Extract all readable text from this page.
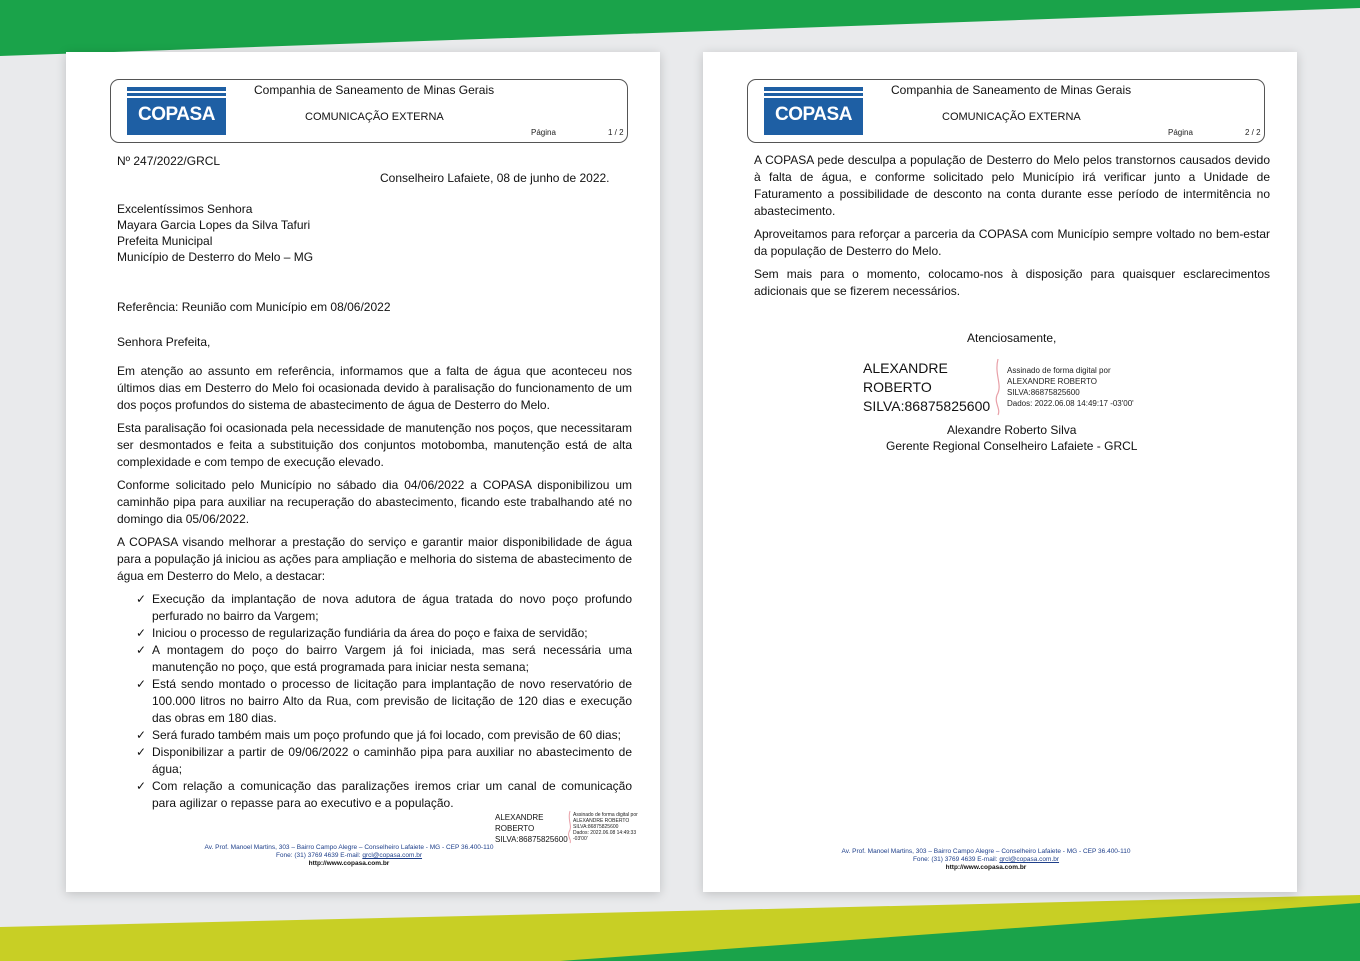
COPASA
Companhia de Saneamento de Minas Gerais
COMUNICAÇÃO EXTERNA
Página	1 / 2
Nº 247/2022/GRCL
Conselheiro Lafaiete, 08 de junho de 2022.
Excelentíssimos Senhora
Mayara Garcia Lopes da Silva Tafuri
Prefeita Municipal
Município de Desterro do Melo – MG
Referência: Reunião com Município em 08/06/2022
Senhora Prefeita,
Em atenção ao assunto em referência, informamos que a falta de água que aconteceu nos últimos dias em Desterro do Melo foi ocasionada devido à paralisação do funcionamento de um dos poços profundos do sistema de abastecimento de água de Desterro do Melo.
Esta paralisação foi ocasionada pela necessidade de manutenção nos poços, que necessitaram ser desmontados e feita a substituição dos conjuntos motobomba, manutenção está de alta complexidade e com tempo de execução elevado.
Conforme solicitado pelo Município no sábado dia 04/06/2022 a COPASA disponibilizou um caminhão pipa para auxiliar na recuperação do abastecimento, ficando este trabalhando até no domingo dia 05/06/2022.
A COPASA visando melhorar a prestação do serviço e garantir maior disponibilidade de água para a população já iniciou as ações para ampliação e melhoria do sistema de abastecimento de água em Desterro do Melo, a destacar:
✓ Execução da implantação de nova adutora de água tratada do novo poço profundo perfurado no bairro da Vargem;
✓ Iniciou o processo de regularização fundiária da área do poço e faixa de servidão;
✓ A montagem do poço do bairro Vargem já foi iniciada, mas será necessária uma manutenção no poço, que está programada para iniciar nesta semana;
✓ Está sendo montado o processo de licitação para implantação de novo reservatório de 100.000 litros no bairro Alto da Rua, com previsão de licitação de 120 dias e execução das obras em 180 dias.
✓ Será furado também mais um poço profundo que já foi locado, com previsão de 60 dias;
✓ Disponibilizar a partir de 09/06/2022 o caminhão pipa para auxiliar no abastecimento de água;
✓ Com relação a comunicação das paralizações iremos criar um canal de comunicação para agilizar o repasse para ao executivo e a população.
ALEXANDRE
ROBERTO
SILVA:86875825600
Assinado de forma digital por
ALEXANDRE ROBERTO
SILVA:86875825600
Dados: 2022.06.08 14:49:33
-03'00'
Av. Prof. Manoel Martins, 303 – Bairro Campo Alegre – Conselheiro Lafaiete - MG - CEP 36.400-110
Fone: (31) 3769 4639 E-mail: grcl@copasa.com.br
http://www.copasa.com.br
COPASA
Companhia de Saneamento de Minas Gerais
COMUNICAÇÃO EXTERNA
Página	2 / 2
A COPASA pede desculpa a população de Desterro do Melo pelos transtornos causados devido à falta de água, e conforme solicitado pelo Município irá verificar junto a Unidade de Faturamento a possibilidade de desconto na conta durante esse período de intermitência no abastecimento.
Aproveitamos para reforçar a parceria da COPASA com Município sempre voltado no bem-estar da população de Desterro do Melo.
Sem mais para o momento, colocamo-nos à disposição para quaisquer esclarecimentos adicionais que se fizerem necessários.
Atenciosamente,
ALEXANDRE
ROBERTO
SILVA:86875825600
Assinado de forma digital por
ALEXANDRE ROBERTO
SILVA:86875825600
Dados: 2022.06.08 14:49:17 -03'00'
Alexandre Roberto Silva
Gerente Regional Conselheiro Lafaiete - GRCL
Av. Prof. Manoel Martins, 303 – Bairro Campo Alegre – Conselheiro Lafaiete - MG - CEP 36.400-110
Fone: (31) 3769 4639 E-mail: grcl@copasa.com.br
http://www.copasa.com.br
